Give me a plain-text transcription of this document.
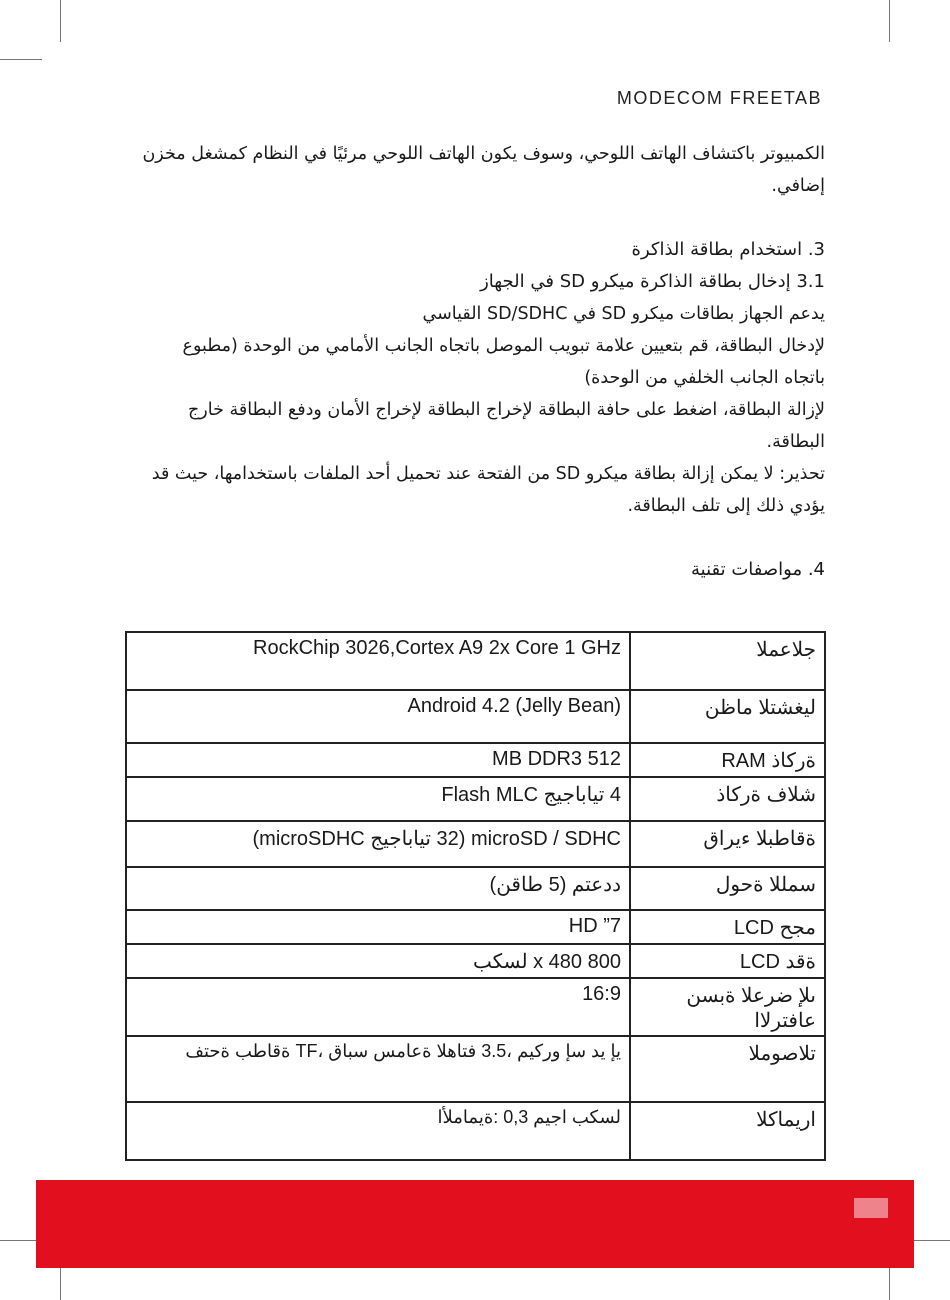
MODECOM FREETAB

الكمبيوتر باكتشاف الهاتف اللوحي، وسوف يكون الهاتف اللوحي مرئيًا في النظام كمشغل مخزن

إضافي.

3. استخدام بطاقة الذاكرة

3.1 إدخال بطاقة الذاكرة ميكرو SD في الجهاز

يدعم الجهاز بطاقات ميكرو SD في SD/SDHC القياسي

لإدخال البطاقة، قم بتعيين علامة تبويب الموصل باتجاه الجانب الأمامي من الوحدة (مطبوع

باتجاه الجانب الخلفي من الوحدة)

لإزالة البطاقة، اضغط على حافة البطاقة لإخراج البطاقة لإخراج الأمان ودفع البطاقة خارج

البطاقة.

تحذير: لا يمكن إزالة بطاقة ميكرو SD من الفتحة عند تحميل أحد الملفات باستخدامها، حيث قد

يؤدي ذلك إلى تلف البطاقة.

4. مواصفات تقنية

RockChip 3026,Cortex A9 2x Core 1 GHz	جلاعملا
Android 4.2 (Jelly Bean)	ليغشتلا ماظن
512 MB DDR3	ةركاذ RAM
4 تياباجيج Flash MLC	شلاف ةركاذ
microSD / SDHC (32 تياباجيج microSDHC)	ةقاطبلا ءيراق
ددعتم (5 طاقن)	سمللا ةحول
7” HD	مجح LCD
800 x 480 لسكب	ةقد LCD
16:9	ىلإ ضرعلا ةبسن عافترلاا
يإ يد سإ وركيم ،3.5 فتاهلا ةعامس سباق ،TF ةقاطب ةحتف	تلاصوملا
لسكب اجيم 0,3 :ةيماملأا	اريماكلا
